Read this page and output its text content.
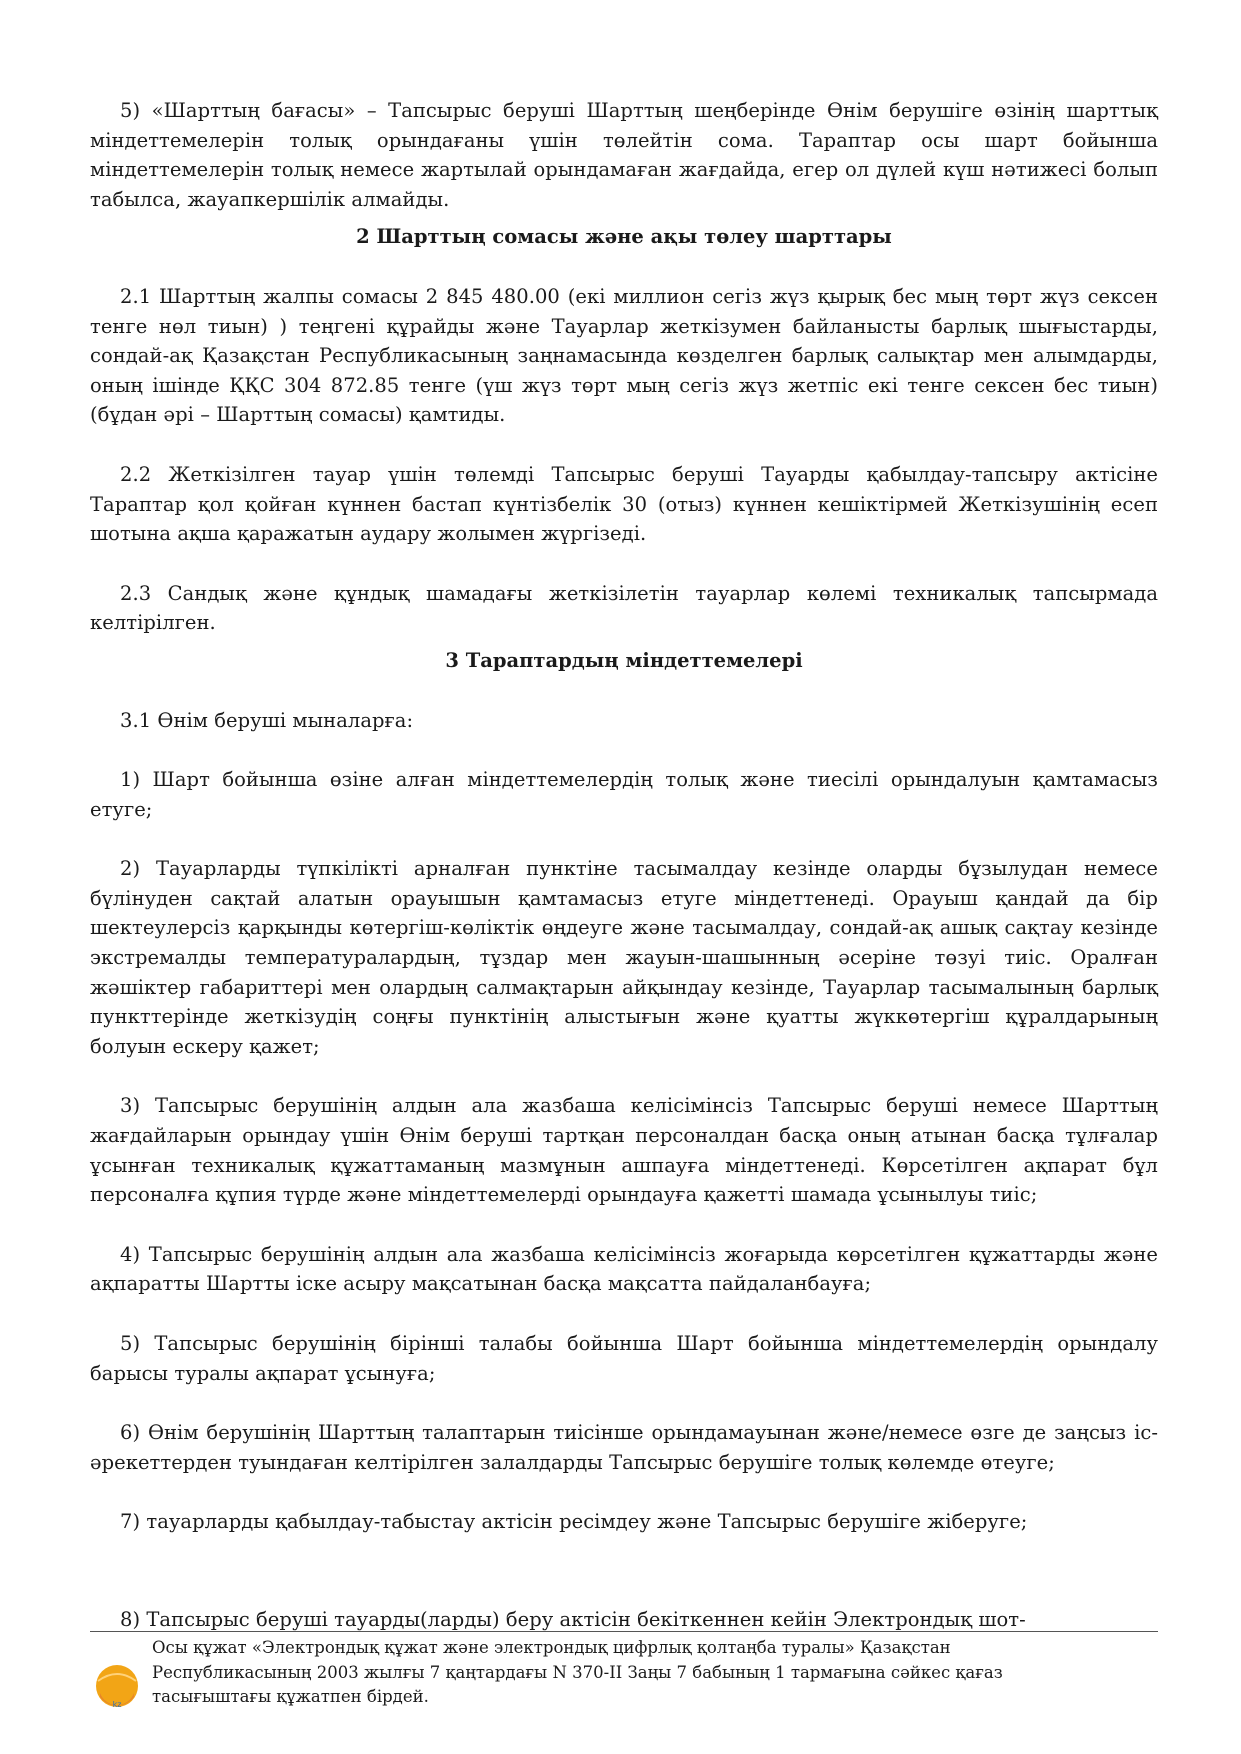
5) «Шарттың бағасы» – Тапсырыс беруші Шарттың шеңберінде Өнім берушіге өзінің шарттық міндеттемелерін толық орындағаны үшін төлейтін сома. Тараптар осы шарт бойынша міндеттемелерін толық немесе жартылай орындамаған жағдайда, егер ол дүлей күш нәтижесі болып табылса, жауапкершілік алмайды.

2 Шарттың сомасы және ақы төлеу шарттары

2.1 Шарттың жалпы сомасы 2 845 480.00 (екі миллион сегіз жүз қырық бес мың төрт жүз сексен тенге нөл тиын) ) теңгені құрайды және Тауарлар жеткізумен байланысты барлық шығыстарды, сондай-ақ Қазақстан Республикасының заңнамасында көзделген барлық салықтар мен алымдарды, оның ішінде ҚҚС 304 872.85 тенге (үш жүз төрт мың сегіз жүз жетпіс екі тенге сексен бес тиын) (бұдан әрі – Шарттың сомасы) қамтиды.

2.2 Жеткізілген тауар үшін төлемді Тапсырыс беруші Тауарды қабылдау-тапсыру актісіне Тараптар қол қойған күннен бастап күнтізбелік 30 (отыз) күннен кешіктірмей Жеткізушінің есеп шотына ақша қаражатын аудару жолымен жүргізеді.

2.3 Сандық және құндық шамадағы жеткізілетін тауарлар көлемі техникалық тапсырмада келтірілген.

3 Тараптардың міндеттемелері

3.1 Өнім беруші мыналарға:

1) Шарт бойынша өзіне алған міндеттемелердің толық және тиесілі орындалуын қамтамасыз етуге;

2) Тауарларды түпкілікті арналған пунктіне тасымалдау кезінде оларды бұзылудан немесе бүлінуден сақтай алатын орауышын қамтамасыз етуге міндеттенеді. Орауыш қандай да бір шектеулерсіз қарқынды көтергіш-көліктік өңдеуге және тасымалдау, сондай-ақ ашық сақтау кезінде экстремалды температуралардың, тұздар мен жауын-шашынның әсеріне төзуі тиіс. Оралған жәшіктер габариттері мен олардың салмақтарын айқындау кезінде, Тауарлар тасымалының барлық пункттерінде жеткізудің соңғы пунктінің алыстығын және қуатты жүккөтергіш құралдарының болуын ескеру қажет;

3) Тапсырыс берушінің алдын ала жазбаша келісімінсіз Тапсырыс беруші немесе Шарттың жағдайларын орындау үшін Өнім беруші тартқан персоналдан басқа оның атынан басқа тұлғалар ұсынған техникалық құжаттаманың мазмұнын ашпауға міндеттенеді. Көрсетілген ақпарат бұл персоналға құпия түрде және міндеттемелерді орындауға қажетті шамада ұсынылуы тиіс;

4) Тапсырыс берушінің алдын ала жазбаша келісімінсіз жоғарыда көрсетілген құжаттарды және ақпаратты Шартты іске асыру мақсатынан басқа мақсатта пайдаланбауға;

5) Тапсырыс берушінің бірінші талабы бойынша Шарт бойынша міндеттемелердің орындалу барысы туралы ақпарат ұсынуға;

6) Өнім берушінің Шарттың талаптарын тиісінше орындамауынан және/немесе өзге де заңсыз іс-әрекеттерден туындаған келтірілген залалдарды Тапсырыс берушіге толық көлемде өтеуге;

7) тауарларды қабылдау-табыстау актісін ресімдеу және Тапсырыс берушіге жіберуге;

8) Тапсырыс беруші тауарды(ларды) беру актісін бекіткеннен кейін Электрондық шот-

kz
Осы құжат «Электрондық құжат және электрондық цифрлық қолтаңба туралы» Қазақстан Республикасының 2003 жылғы 7 қаңтардағы N 370-II Заңы 7 бабының 1 тармағына сәйкес қағаз тасығыштағы құжатпен бірдей.
